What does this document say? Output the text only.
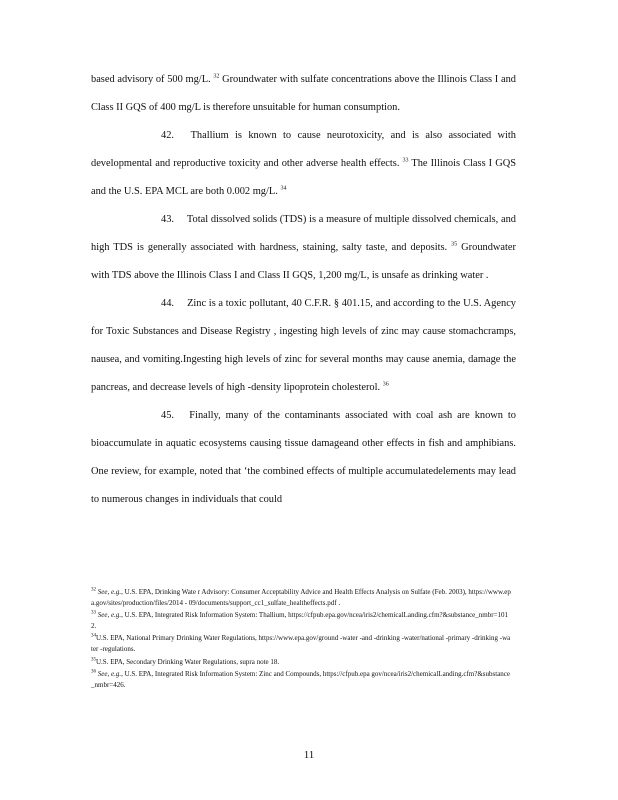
based advisory of 500 mg/L. $^{32}$ Groundwater with sulfate concentrations above the Illinois Class I and Class II GQS of 400 mg/L is therefore unsuitable for human consumption.

42.  Thallium is known to cause neurotoxicity, and is also associated with developmental and reproductive toxicity and other adverse health effects. $^{33}$ The Illinois Class I GQS and the U.S. EPA MCL are both 0.002 mg/L. $^{34}$

43.  Total dissolved solids (TDS) is a measure of multiple dissolved chemicals, and high TDS is generally associated with hardness, staining, salty taste, and deposits. $^{35}$ Groundwater with TDS above the Illinois Class I and Class II GQS, 1,200 mg/L, is unsafe as drinking water .

44.  Zinc is a toxic pollutant, 40 C.F.R. § 401.15, and according to the U.S. Agency for Toxic Substances and Disease Registry , ingesting high levels of zinc may cause stomachcramps, nausea, and vomiting.Ingesting high levels of zinc for several months may cause anemia, damage the pancreas, and decrease levels of high -density lipoprotein cholesterol. $^{36}$

45.  Finally, many of the contaminants associated with coal ash are known to bioaccumulate in aquatic ecosystems causing tissue damageand other effects in fish and amphibians. One review, for example, noted that ‘the combined effects of multiple accumulatedelements may lead to numerous changes in individuals that could

$^{32}$ See, e.g., U.S. EPA, Drinking Wate r Advisory: Consumer Acceptability Advice and Health Effects Analysis on Sulfate (Feb. 2003), https://www.epa.gov/sites/production/files/2014 - 09/documents/support_cc1_sulfate_healtheffects.pdf .

$^{33}$ See, e.g., U.S. EPA, Integrated Risk Information System: Thallium, https://cfpub.epa.gov/ncea/iris2/chemicalLanding.cfm?&substance_nmbr=1012.

$^{34}$U.S. EPA, National Primary Drinking Water Regulations, https://www.epa.gov/ground -water -and -drinking -water/national -primary -drinking -water -regulations.

$^{35}$U.S. EPA, Secondary Drinking Water Regulations, supra note 18.

$^{36}$ See, e.g., U.S. EPA, Integrated Risk Information System: Zinc and Compounds, https://cfpub.epa gov/ncea/iris2/chemicalLanding.cfm?&substance_nmbr=426.

11
